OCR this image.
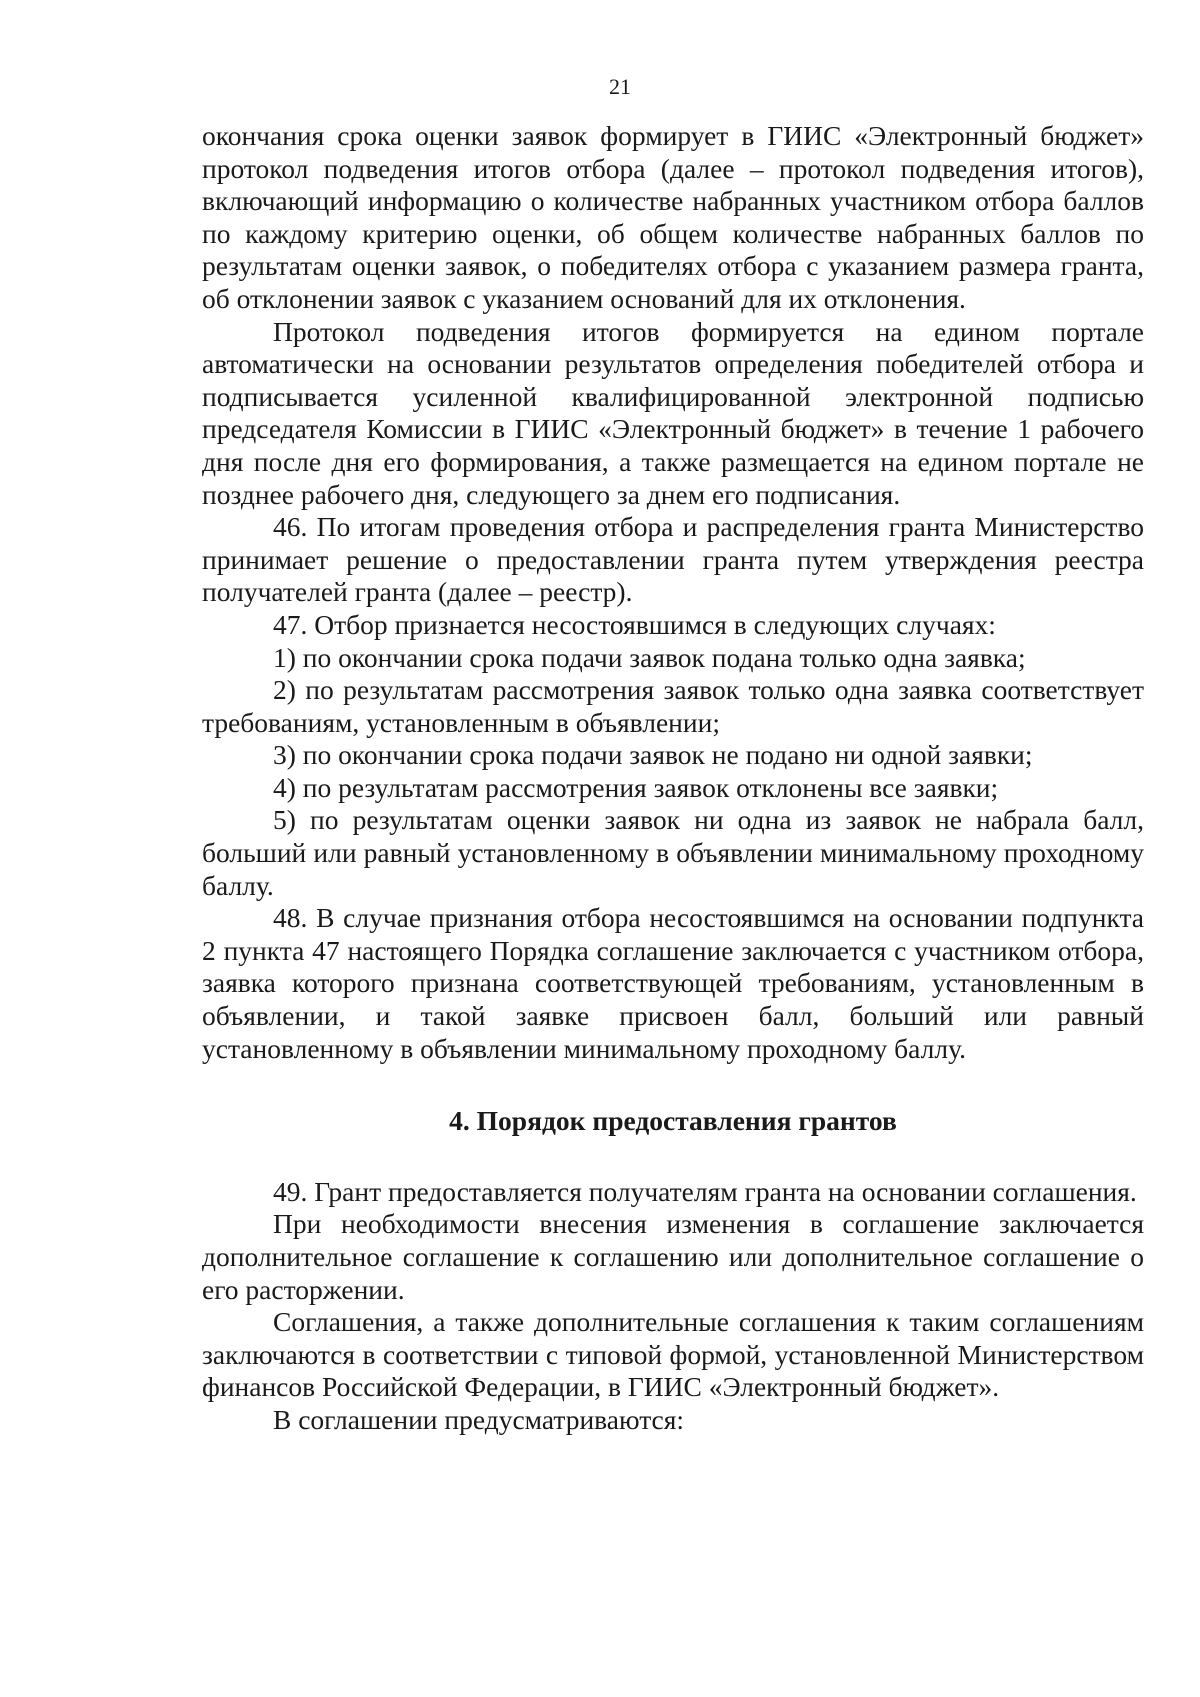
21

окончания срока оценки заявок формирует в ГИИС «Электронный бюджет» протокол подведения итогов отбора (далее – протокол подведения итогов), включающий информацию о количестве набранных участником отбора баллов по каждому критерию оценки, об общем количестве набранных баллов по результатам оценки заявок, о победителях отбора с указанием размера гранта, об отклонении заявок с указанием оснований для их отклонения.

Протокол подведения итогов формируется на едином портале автоматически на основании результатов определения победителей отбора и подписывается усиленной квалифицированной электронной подписью председателя Комиссии в ГИИС «Электронный бюджет» в течение 1 рабочего дня после дня его формирования, а также размещается на едином портале не позднее рабочего дня, следующего за днем его подписания.

46. По итогам проведения отбора и распределения гранта Министерство принимает решение о предоставлении гранта путем утверждения реестра получателей гранта (далее – реестр).

47. Отбор признается несостоявшимся в следующих случаях:

1) по окончании срока подачи заявок подана только одна заявка;

2) по результатам рассмотрения заявок только одна заявка соответствует требованиям, установленным в объявлении;

3) по окончании срока подачи заявок не подано ни одной заявки;

4) по результатам рассмотрения заявок отклонены все заявки;

5) по результатам оценки заявок ни одна из заявок не набрала балл, больший или равный установленному в объявлении минимальному проходному баллу.

48. В случае признания отбора несостоявшимся на основании подпункта 2 пункта 47 настоящего Порядка соглашение заключается с участником отбора, заявка которого признана соответствующей требованиям, установленным в объявлении, и такой заявке присвоен балл, больший или равный установленному в объявлении минимальному проходному баллу.

4. Порядок предоставления грантов

49. Грант предоставляется получателям гранта на основании соглашения.

При необходимости внесения изменения в соглашение заключается дополнительное соглашение к соглашению или дополнительное соглашение о его расторжении.

Соглашения, а также дополнительные соглашения к таким соглашениям заключаются в соответствии с типовой формой, установленной Министерством финансов Российской Федерации, в ГИИС «Электронный бюджет».

В соглашении предусматриваются:
